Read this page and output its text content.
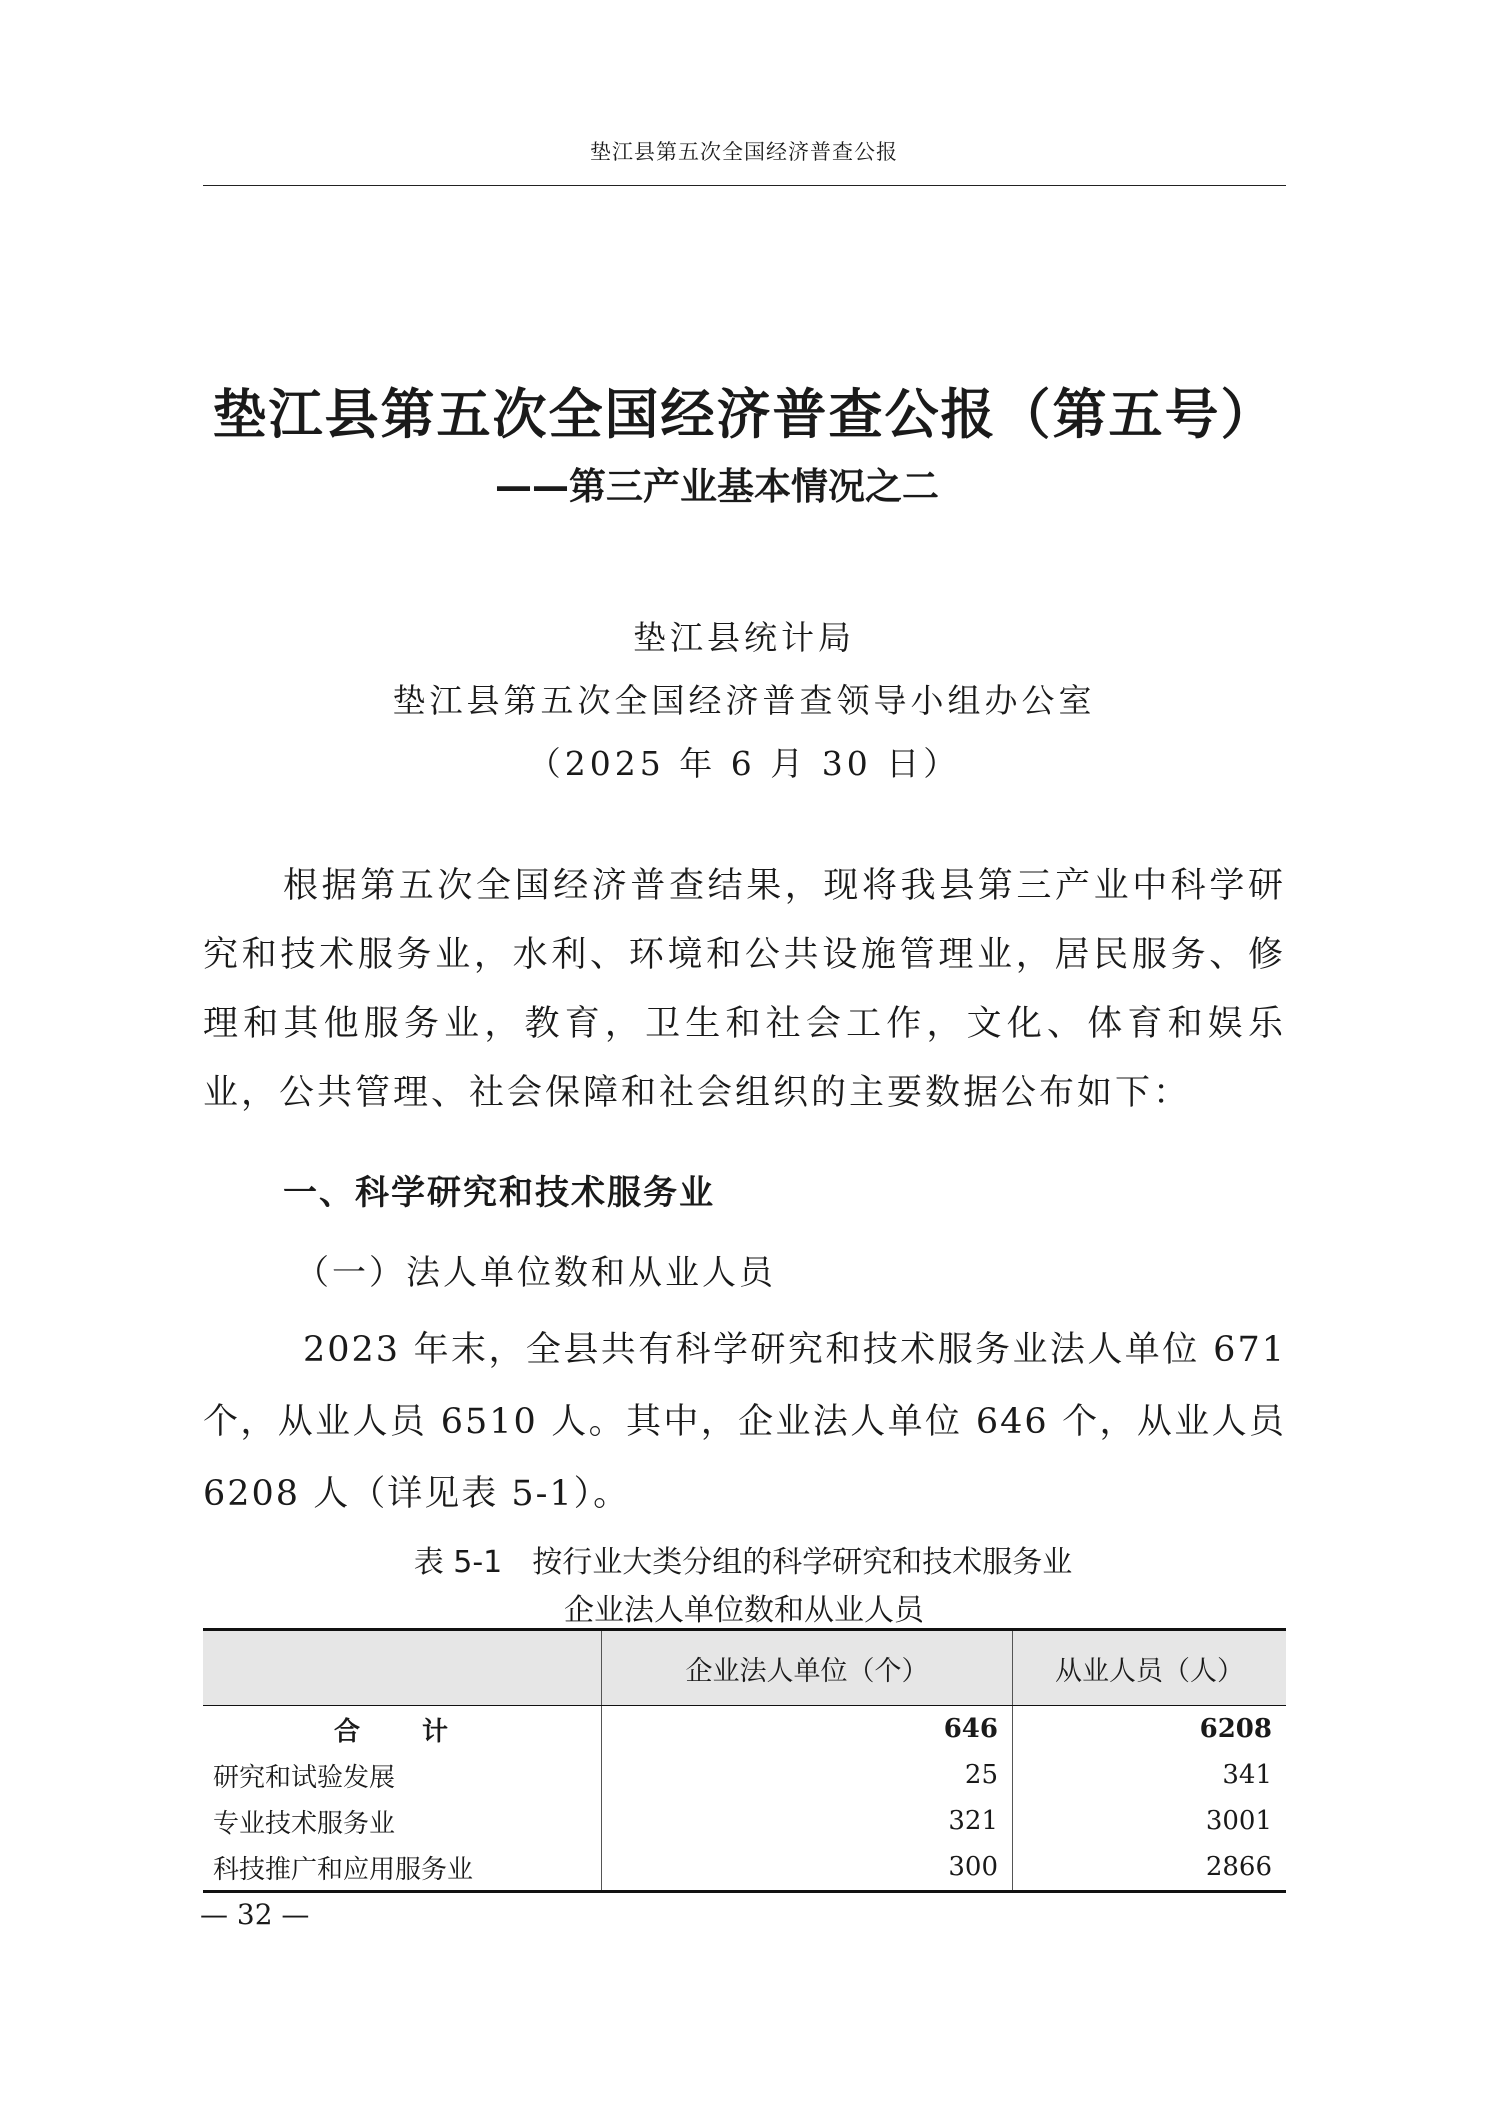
垫江县第五次全国经济普查公报
垫江县第五次全国经济普查公报（第五号）
——第三产业基本情况之二
垫江县统计局
垫江县第五次全国经济普查领导小组办公室
（2025 年 6 月 30 日）

根据第五次全国经济普查结果，现将我县第三产业中科学研究和技术服务业，水利、环境和公共设施管理业，居民服务、修理和其他服务业，教育，卫生和社会工作，文化、体育和娱乐业，公共管理、社会保障和社会组织的主要数据公布如下：

一、科学研究和技术服务业
（一）法人单位数和从业人员

2023 年末，全县共有科学研究和技术服务业法人单位 671 个，从业人员 6510 人。其中，企业法人单位 646 个，从业人员 6208 人（详见表 5-1）。

表 5-1　按行业大类分组的科学研究和技术服务业
企业法人单位数和从业人员
	企业法人单位（个）	从业人员（人）
合　计	646	6208
研究和试验发展	25	341
专业技术服务业	321	3001
科技推广和应用服务业	300	2866
— 32 —
